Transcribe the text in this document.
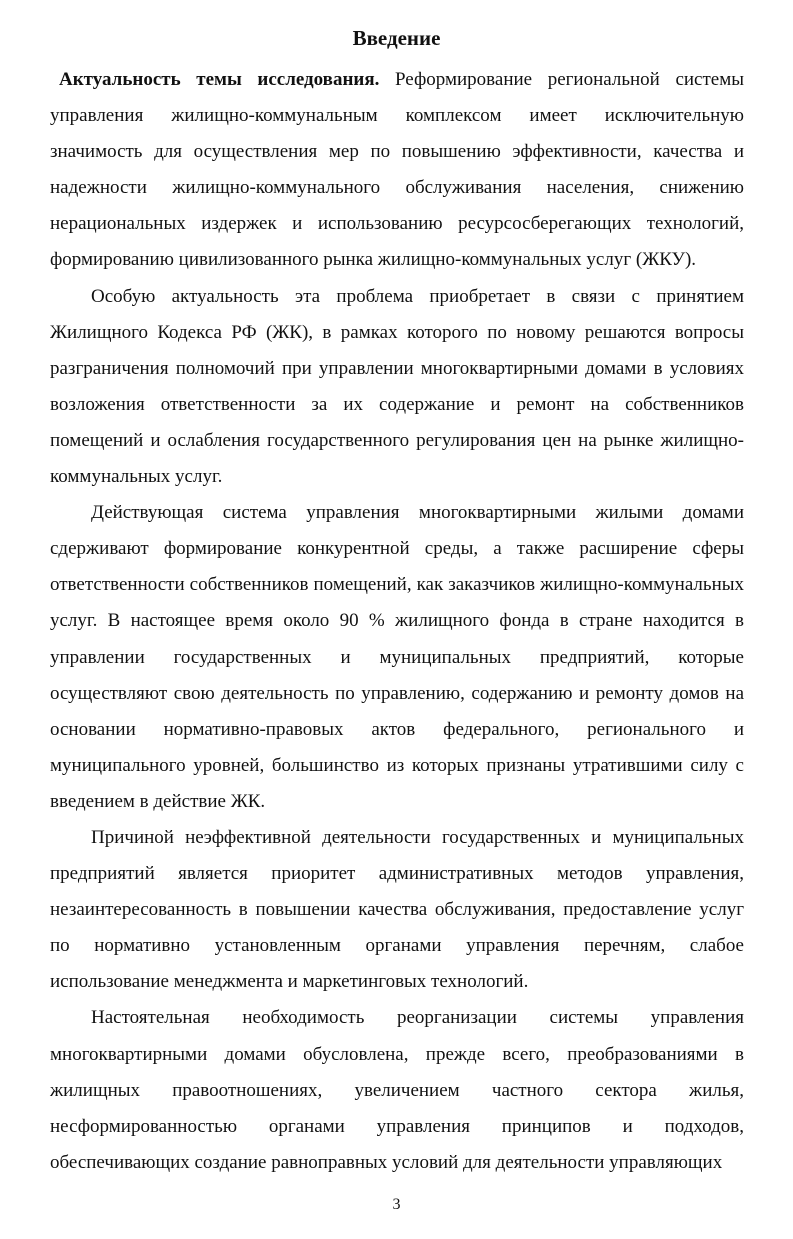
Введение

Актуальность темы исследования. Реформирование региональной системы управления жилищно-коммунальным комплексом имеет исключительную значимость для осуществления мер по повышению эффективности, качества и надежности жилищно-коммунального обслуживания населения, снижению нерациональных издержек и использованию ресурсосберегающих технологий, формированию цивилизованного рынка жилищно-коммунальных услуг (ЖКУ).

Особую актуальность эта проблема приобретает в связи с принятием Жилищного Кодекса РФ (ЖК), в рамках которого по новому решаются вопросы разграничения полномочий при управлении многоквартирными домами в условиях возложения ответственности за их содержание и ремонт на собственников помещений и ослабления государственного регулирования цен на рынке жилищно-коммунальных услуг.

Действующая система управления многоквартирными жилыми домами сдерживают формирование конкурентной среды, а также расширение сферы ответственности собственников помещений, как заказчиков жилищно-коммунальных услуг. В настоящее время около 90 % жилищного фонда в стране находится в управлении государственных и муниципальных предприятий, которые осуществляют свою деятельность по управлению, содержанию и ремонту домов на основании нормативно-правовых актов федерального, регионального и муниципального уровней, большинство из которых признаны утратившими силу с введением в действие ЖК.

Причиной неэффективной деятельности государственных и муниципальных предприятий является приоритет административных методов управления, незаинтересованность в повышении качества обслуживания, предоставление услуг по нормативно установленным органами управления перечням, слабое использование менеджмента и маркетинговых технологий.

Настоятельная необходимость реорганизации системы управления многоквартирными домами обусловлена, прежде всего, преобразованиями в жилищных правоотношениях, увеличением частного сектора жилья, несформированностью органами управления принципов и подходов, обеспечивающих создание равноправных условий для деятельности управляющих

3
